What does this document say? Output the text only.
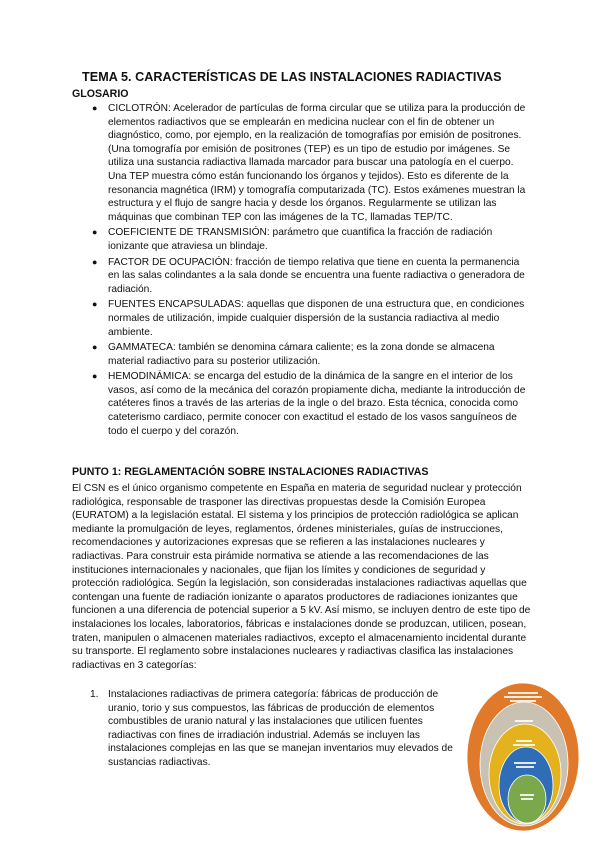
TEMA 5. CARACTERÍSTICAS DE LAS INSTALACIONES RADIACTIVAS
GLOSARIO
● CICLOTRÓN: Acelerador de partículas de forma circular que se utiliza para la producción de elementos radiactivos que se emplearán en medicina nuclear con el fin de obtener un diagnóstico, como, por ejemplo, en la realización de tomografías por emisión de positrones. (Una tomografía por emisión de positrones (TEP) es un tipo de estudio por imágenes. Se utiliza una sustancia radiactiva llamada marcador para buscar una patología en el cuerpo. Una TEP muestra cómo están funcionando los órganos y tejidos). Esto es diferente de la resonancia magnética (IRM) y tomografía computarizada (TC). Estos exámenes muestran la estructura y el flujo de sangre hacia y desde los órganos. Regularmente se utilizan las máquinas que combinan TEP con las imágenes de la TC, llamadas TEP/TC.
● COEFICIENTE DE TRANSMISIÓN: parámetro que cuantifica la fracción de radiación ionizante que atraviesa un blindaje.
● FACTOR DE OCUPACIÓN: fracción de tiempo relativa que tiene en cuenta la permanencia en las salas colindantes a la sala donde se encuentra una fuente radiactiva o generadora de radiación.
● FUENTES ENCAPSULADAS: aquellas que disponen de una estructura que, en condiciones normales de utilización, impide cualquier dispersión de la sustancia radiactiva al medio ambiente.
● GAMMATECA: también se denomina cámara caliente; es la zona donde se almacena material radiactivo para su posterior utilización.
● HEMODINÁMICA: se encarga del estudio de la dinámica de la sangre en el interior de los vasos, así como de la mecánica del corazón propiamente dicha, mediante la introducción de catéteres finos a través de las arterias de la ingle o del brazo. Esta técnica, conocida como cateterismo cardiaco, permite conocer con exactitud el estado de los vasos sanguíneos de todo el cuerpo y del corazón.
PUNTO 1: REGLAMENTACIÓN SOBRE INSTALACIONES RADIACTIVAS
El CSN es el único organismo competente en España en materia de seguridad nuclear y protección radiológica, responsable de trasponer las directivas propuestas desde la Comisión Europea (EURATOM) a la legislación estatal. El sistema y los principios de protección radiológica se aplican mediante la promulgación de leyes, reglamentos, órdenes ministeriales, guías de instrucciones, recomendaciones y autorizaciones expresas que se refieren a las instalaciones nucleares y radiactivas. Para construir esta pirámide normativa se atiende a las recomendaciones de las instituciones internacionales y nacionales, que fijan los límites y condiciones de seguridad y protección radiológica. Según la legislación, son consideradas instalaciones radiactivas aquellas que contengan una fuente de radiación ionizante o aparatos productores de radiaciones ionizantes que funcionen a una diferencia de potencial superior a 5 kV. Así mismo, se incluyen dentro de este tipo de instalaciones los locales, laboratorios, fábricas e instalaciones donde se produzcan, utilicen, posean, traten, manipulen o almacenen materiales radiactivos, excepto el almacenamiento incidental durante su transporte. El reglamento sobre instalaciones nucleares y radiactivas clasifica las instalaciones radiactivas en 3 categorías:
1. Instalaciones radiactivas de primera categoría: fábricas de producción de uranio, torio y sus compuestos, las fábricas de producción de elementos combustibles de uranio natural y las instalaciones que utilicen fuentes radiactivas con fines de irradiación industrial. Además se incluyen las instalaciones complejas en las que se manejan inventarios muy elevados de sustancias radiactivas.
